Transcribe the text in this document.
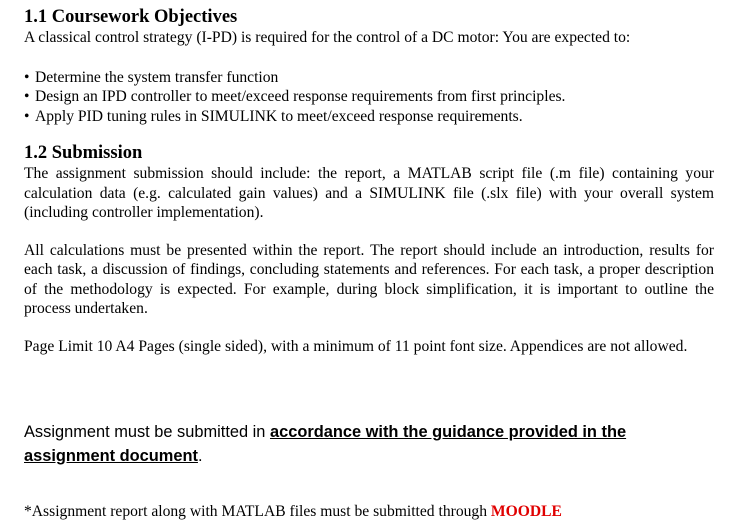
1.1 Coursework Objectives

A classical control strategy (I-PD) is required for the control of a DC motor: You are expected to:

• Determine the system transfer function
• Design an IPD controller to meet/exceed response requirements from first principles.
• Apply PID tuning rules in SIMULINK to meet/exceed response requirements.
1.2 Submission

The assignment submission should include: the report, a MATLAB script file (.m file) containing your calculation data (e.g. calculated gain values) and a SIMULINK file (.slx file) with your overall system (including controller implementation).

All calculations must be presented within the report. The report should include an introduction, results for each task, a discussion of findings, concluding statements and references. For each task, a proper description of the methodology is expected. For example, during block simplification, it is important to outline the process undertaken.

Page Limit 10 A4 Pages (single sided), with a minimum of 11 point font size. Appendices are not allowed.

Assignment must be submitted in accordance with the guidance provided in the assignment document.
*Assignment report along with MATLAB files must be submitted through MOODLE
